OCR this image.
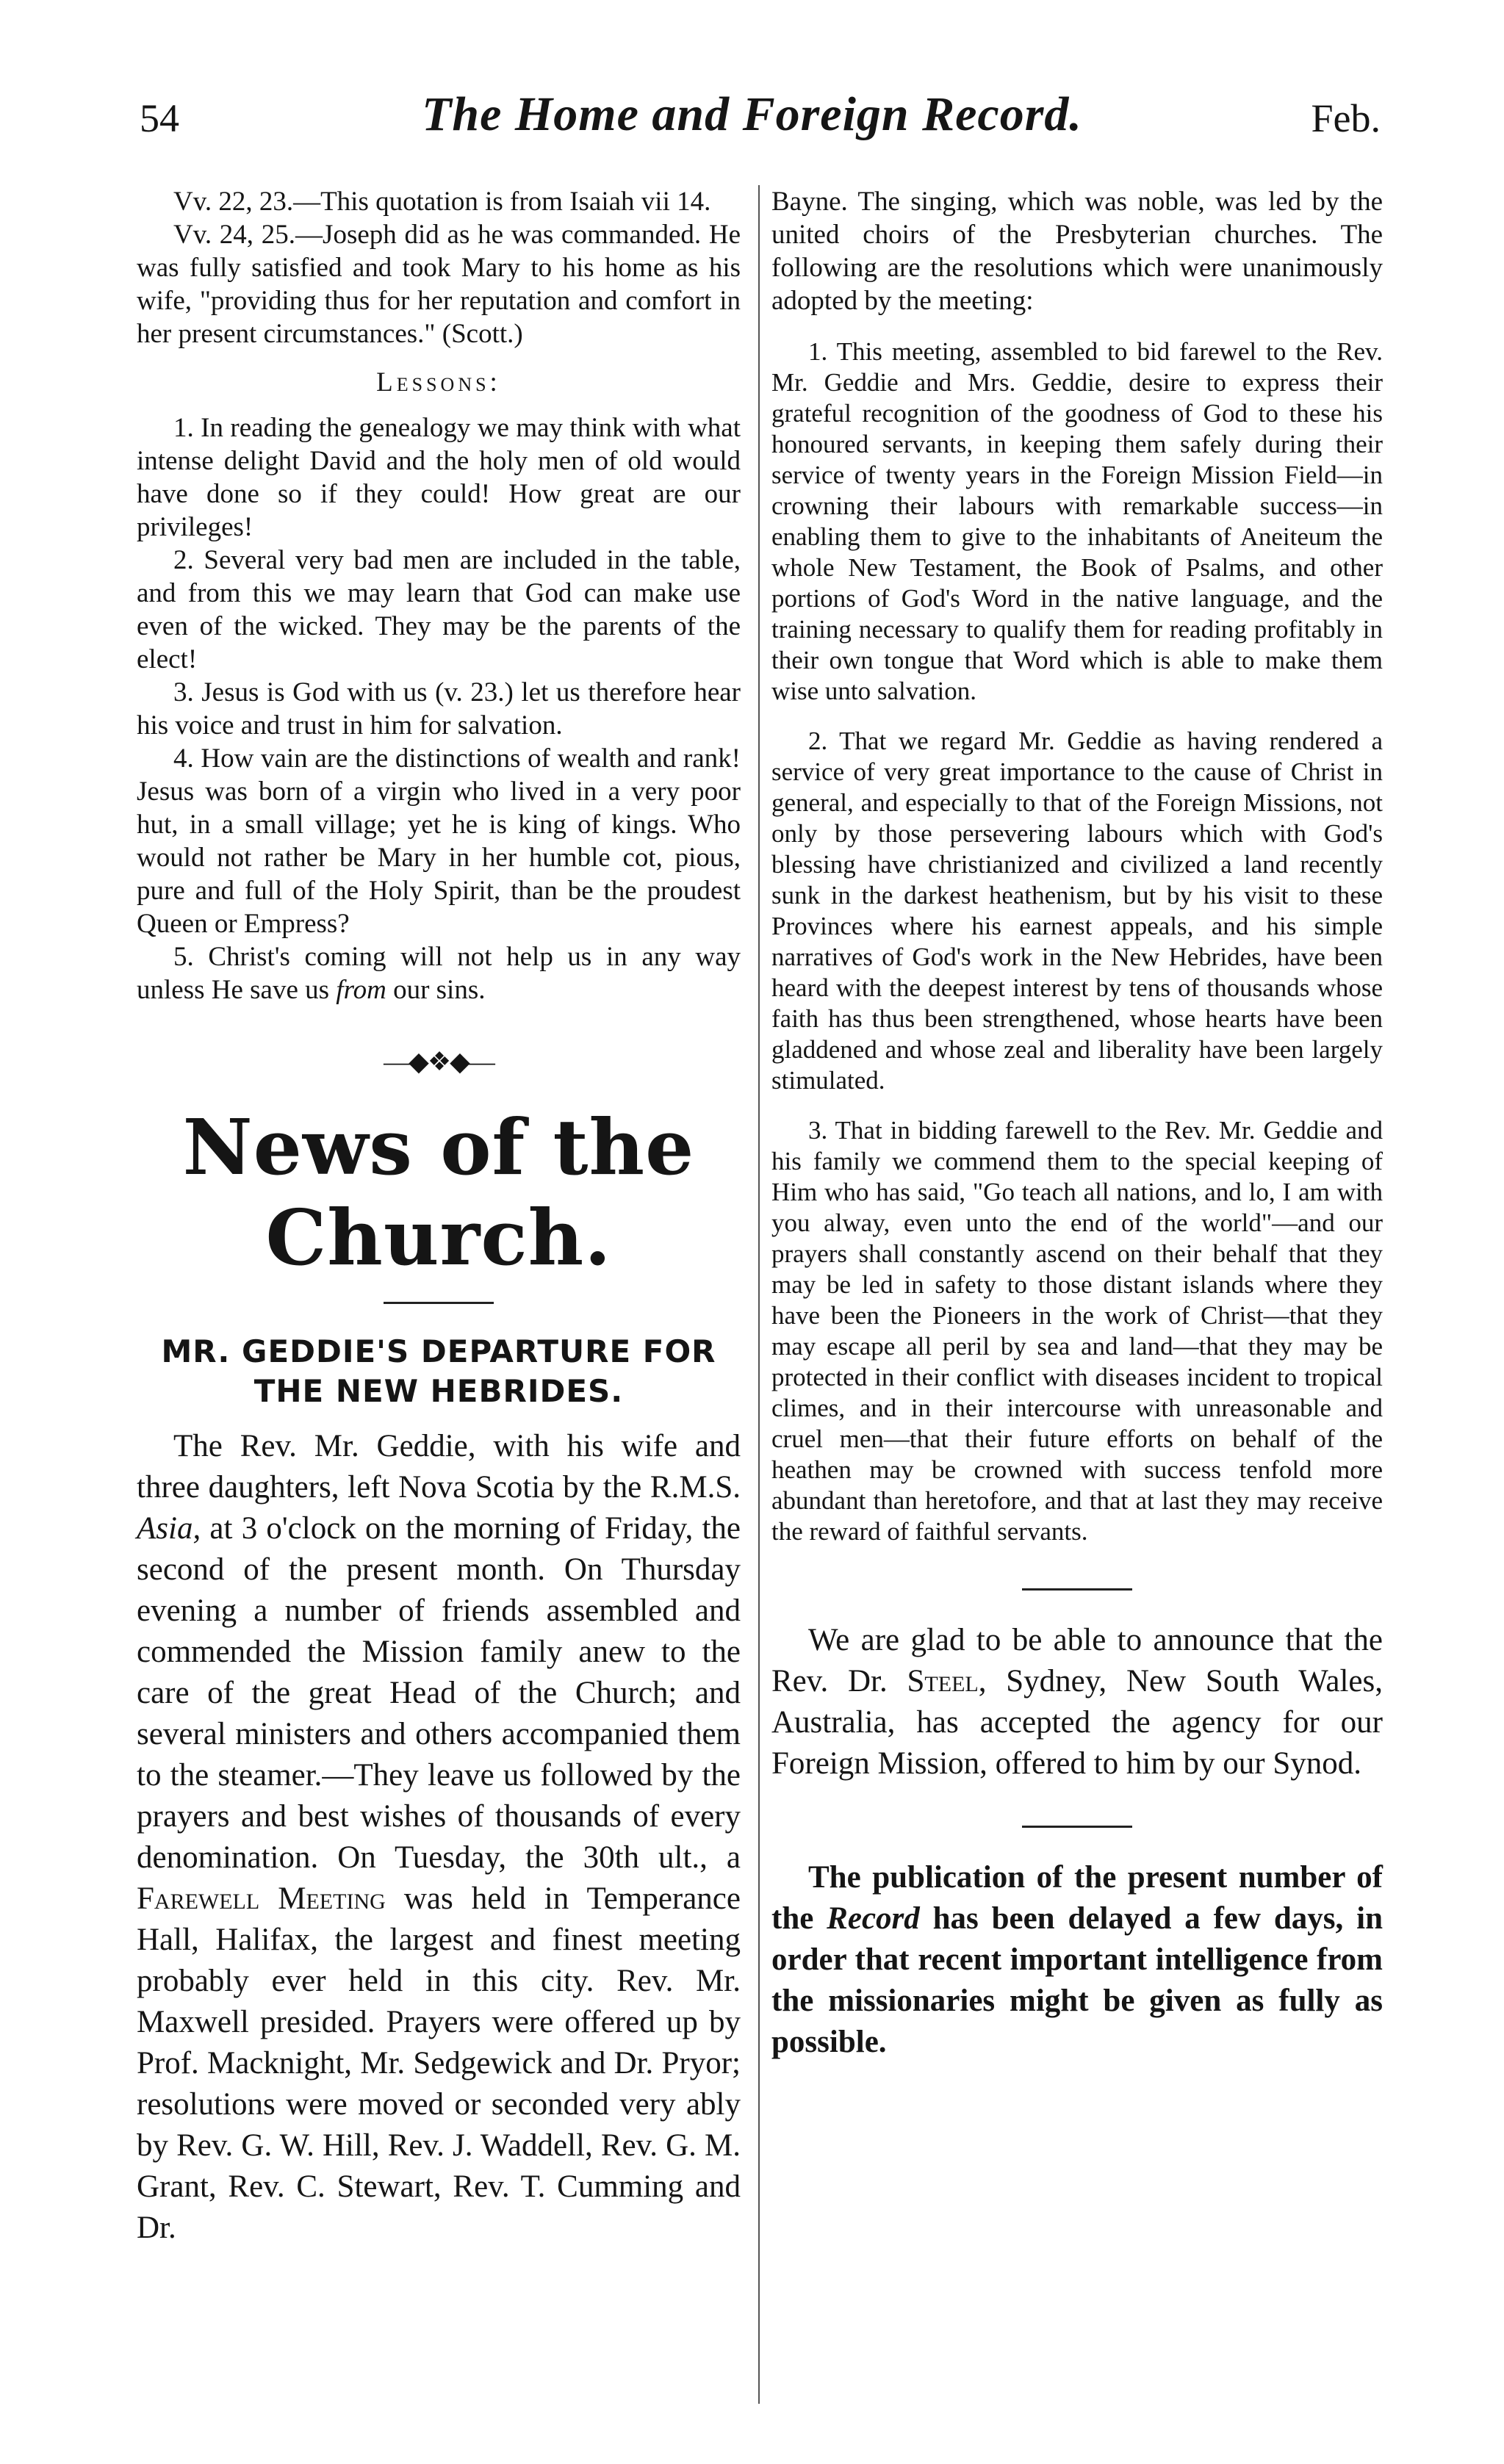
54	The Home and Foreign Record.	Feb.

Vv. 22, 23.—This quotation is from Isaiah vii 14.

Vv. 24, 25.—Joseph did as he was commanded. He was fully satisfied and took Mary to his home as his wife, "providing thus for her reputation and comfort in her present circumstances." (Scott.)

Lessons:

1. In reading the genealogy we may think with what intense delight David and the holy men of old would have done so if they could! How great are our privileges!

2. Several very bad men are included in the table, and from this we may learn that God can make use even of the wicked. They may be the parents of the elect!

3. Jesus is God with us (v. 23.) let us therefore hear his voice and trust in him for salvation.

4. How vain are the distinctions of wealth and rank! Jesus was born of a virgin who lived in a very poor hut, in a small village; yet he is king of kings. Who would not rather be Mary in her humble cot, pious, pure and full of the Holy Spirit, than be the proudest Queen or Empress?

5. Christ's coming will not help us in any way unless He save us from our sins.

—◆❖◆—
News of the Church.
MR. GEDDIE'S DEPARTURE FOR THE NEW HEBRIDES.

The Rev. Mr. Geddie, with his wife and three daughters, left Nova Scotia by the R.M.S. Asia, at 3 o'clock on the morning of Friday, the second of the present month. On Thursday evening a number of friends assembled and commended the Mission family anew to the care of the great Head of the Church; and several ministers and others accompanied them to the steamer.—They leave us followed by the prayers and best wishes of thousands of every denomination. On Tuesday, the 30th ult., a Farewell Meeting was held in Temperance Hall, Halifax, the largest and finest meeting probably ever held in this city. Rev. Mr. Maxwell presided. Prayers were offered up by Prof. Macknight, Mr. Sedgewick and Dr. Pryor; resolutions were moved or seconded very ably by Rev. G. W. Hill, Rev. J. Waddell, Rev. G. M. Grant, Rev. C. Stewart, Rev. T. Cumming and Dr.

Bayne. The singing, which was noble, was led by the united choirs of the Presbyterian churches. The following are the resolutions which were unanimously adopted by the meeting:

1. This meeting, assembled to bid farewel to the Rev. Mr. Geddie and Mrs. Geddie, desire to express their grateful recognition of the goodness of God to these his honoured servants, in keeping them safely during their service of twenty years in the Foreign Mission Field—in crowning their labours with remarkable success—in enabling them to give to the inhabitants of Aneiteum the whole New Testament, the Book of Psalms, and other portions of God's Word in the native language, and the training necessary to qualify them for reading profitably in their own tongue that Word which is able to make them wise unto salvation.

2. That we regard Mr. Geddie as having rendered a service of very great importance to the cause of Christ in general, and especially to that of the Foreign Missions, not only by those persevering labours which with God's blessing have christianized and civilized a land recently sunk in the darkest heathenism, but by his visit to these Provinces where his earnest appeals, and his simple narratives of God's work in the New Hebrides, have been heard with the deepest interest by tens of thousands whose faith has thus been strengthened, whose hearts have been gladdened and whose zeal and liberality have been largely stimulated.

3. That in bidding farewell to the Rev. Mr. Geddie and his family we commend them to the special keeping of Him who has said, "Go teach all nations, and lo, I am with you alway, even unto the end of the world"—and our prayers shall constantly ascend on their behalf that they may be led in safety to those distant islands where they have been the Pioneers in the work of Christ—that they may escape all peril by sea and land—that they may be protected in their conflict with diseases incident to tropical climes, and in their intercourse with unreasonable and cruel men—that their future efforts on behalf of the heathen may be crowned with success tenfold more abundant than heretofore, and that at last they may receive the reward of faithful servants.

We are glad to be able to announce that the Rev. Dr. Steel, Sydney, New South Wales, Australia, has accepted the agency for our Foreign Mission, offered to him by our Synod.

The publication of the present number of the Record has been delayed a few days, in order that recent important intelligence from the missionaries might be given as fully as possible.
